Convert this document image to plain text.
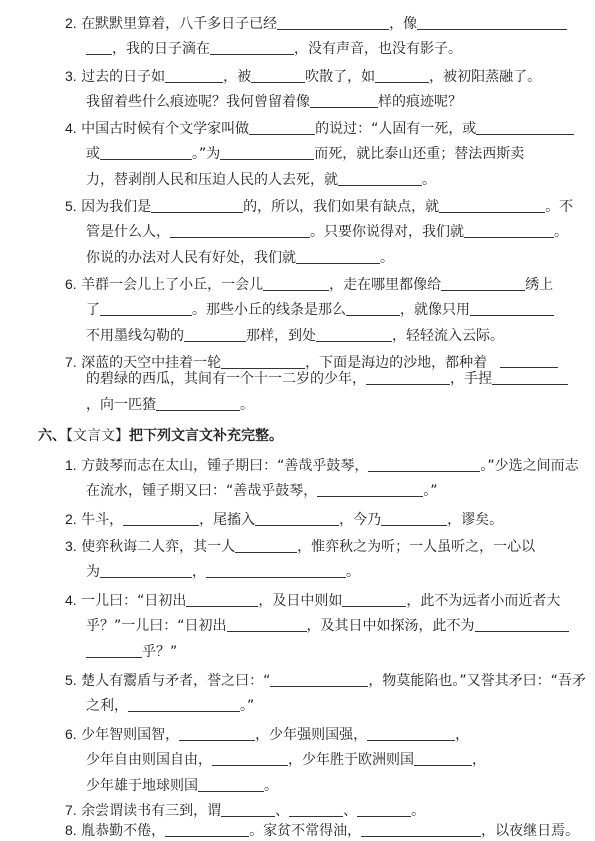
2. 在默默里算着，八千多日子已经	，像
，我的日子滴在	，没有声音，也没有影子。
3. 过去的日子如	，被	吹散了，如	，被初阳蒸融了。
我留着些什么痕迹呢？我何曾留着像	样的痕迹呢？
4. 中国古时候有个文学家叫做	的说过：“人固有一死，或
或	。”为	而死，就比泰山还重；替法西斯卖
力，替剥削人民和压迫人民的人去死，就	。
5. 因为我们是	的，所以，我们如果有缺点，就	。不
管是什么人，	。只要你说得对，我们就	。
你说的办法对人民有好处，我们就	。
6. 羊群一会儿上了小丘，一会儿	，走在哪里都像给	绣上
了	。那些小丘的线条是那么	，就像只用
不用墨线勾勒的	那样，到处	，轻轻流入云际。
7. 深蓝的天空中挂着一轮	，下面是海边的沙地，都种着
的碧绿的西瓜，其间有一个十一二岁的少年，	，手捏
，向一匹猹	。
六、【文言文】把下列文言文补充完整。
1. 方鼓琴而志在太山，锺子期曰：“善哉乎鼓琴，	。”少选之间而志
在流水，锺子期又曰：“善哉乎鼓琴，	。”
2. 牛斗，	，尾搐入	，今乃	，谬矣。
3. 使弈秋诲二人弈，其一人	，惟弈秋之为听；一人虽听之，一心以
为	，	。
4. 一儿曰：“日初出	，及日中则如	，此不为远者小而近者大
乎？”一儿曰：“日初出	，及其日中如探汤，此不为
乎？”
5. 楚人有鬻盾与矛者，誉之曰：“	，物莫能陷也。”又誉其矛曰：“吾矛
之利，	。”
6. 少年智则国智，	，少年强则国强，	，
少年自由则国自由，	，少年胜于欧洲则国	，
少年雄于地球则国	。
7. 余尝谓读书有三到，谓	、	、	。
8. 胤恭勤不倦，	。家贫不常得油，	，以夜继日焉。
